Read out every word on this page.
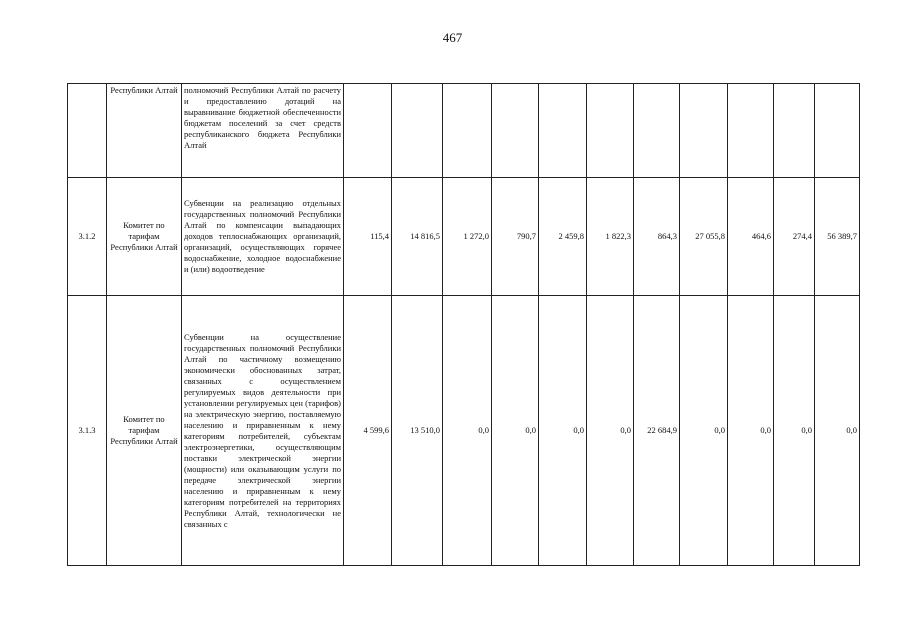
467
	Республики Алтай	полномочий Республики Алтай по расчету и предоставлению дотаций на выравнивание бюджетной обеспеченности бюджетам поселений за счет средств республиканского бюджета Республики Алтай											
3.1.2	Комитет по тарифам Республики Алтай	Субвенции на реализацию отдельных государственных полномочий Республики Алтай по компенсации выпадающих доходов теплоснабжающих организаций, организаций, осуществляющих горячее водоснабжение, холодное водоснабжение и (или) водоотведение	115,4	14 816,5	1 272,0	790,7	2 459,8	1 822,3	864,3	27 055,8	464,6	274,4	56 389,7
3.1.3	Комитет по тарифам Республики Алтай	Субвенции на осуществление государственных полномочий Республики Алтай по частичному возмещению экономически обоснованных затрат, связанных с осуществлением регулируемых видов деятельности при установлении регулируемых цен (тарифов) на электрическую энергию, поставляемую населению и приравненным к нему категориям потребителей, субъектам электроэнергетики, осуществляющим поставки электрической энергии (мощности) или оказывающим услуги по передаче электрической энергии населению и приравненным к нему категориям потребителей на территориях Республики Алтай, технологически не связанных с	4 599,6	13 510,0	0,0	0,0	0,0	0,0	22 684,9	0,0	0,0	0,0	0,0
